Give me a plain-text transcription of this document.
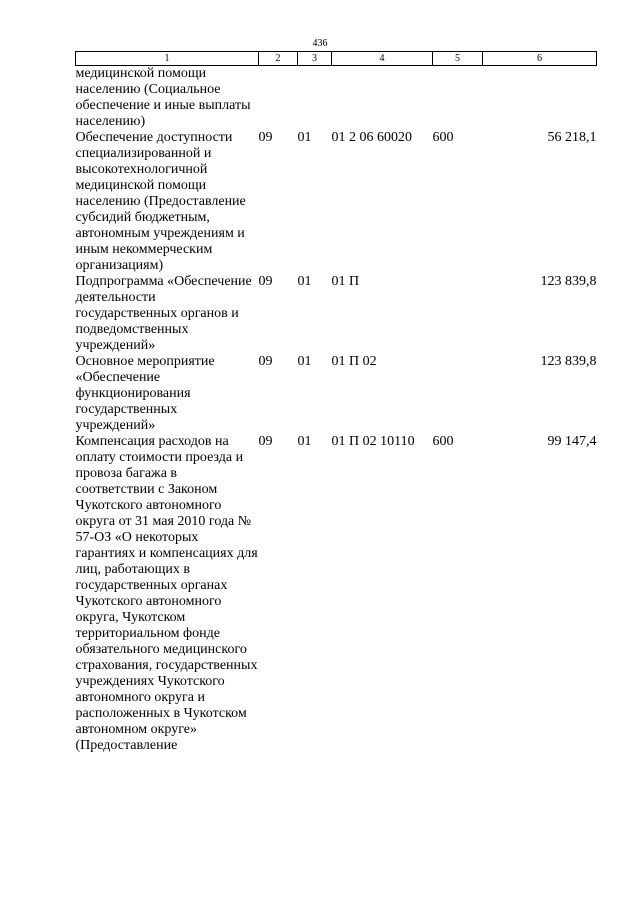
436
1	2	3	4	5	6
медицинской помощи населению (Социальное обеспечение и иные выплаты населению)					
Обеспечение доступности специализированной и высокотехнологичной медицинской помощи населению (Предоставление субсидий бюджетным, автономным учреждениям и иным некоммерческим организациям)	09	01	01 2 06 60020	600	56 218,1
Подпрограмма «Обеспечение деятельности государственных органов и подведомственных учреждений»	09	01	01 П		123 839,8
Основное мероприятие «Обеспечение функционирования государственных учреждений»	09	01	01 П 02		123 839,8
Компенсация расходов на оплату стоимости проезда и провоза багажа в соответствии с Законом Чукотского автономного округа от 31 мая 2010 года № 57-ОЗ «О некоторых гарантиях и компенсациях для лиц, работающих в государственных органах Чукотского автономного округа, Чукотском территориальном фонде обязательного медицинского страхования, государственных учреждениях Чукотского автономного округа и расположенных в Чукотском автономном округе» (Предоставление	09	01	01 П 02 10110	600	99 147,4
